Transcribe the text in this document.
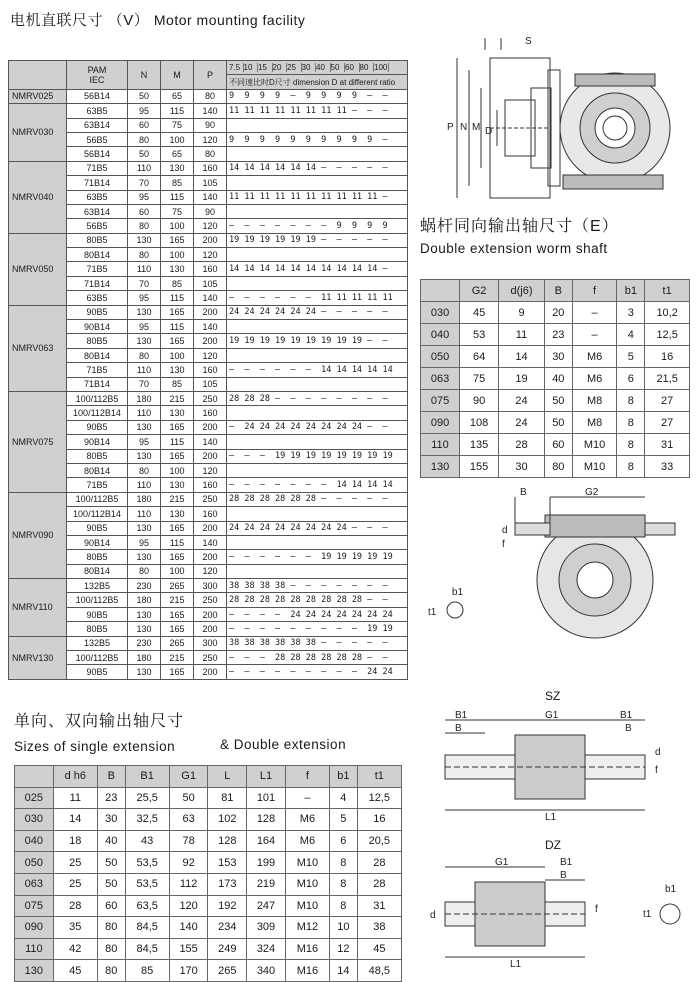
电机直联尺寸 （V） Motor mounting facility
	PAM
IEC	N	M	P	7.5 10 15 20 25 30 40 50 60 80 100
					不同速比时D尺寸 dimension D at different ratio
NMRV025	56B14	50	65	80	9  9  9  9  –  9  9  9  9  –  –
NMRV030	63B5	95	115	140	11 11 11 11 11 11 11 11 –  –  –
	63B14	60	75	90	
	56B5	80	100	120	9  9  9  9  9  9  9  9  9  9  –
	56B14	50	65	80	
NMRV040	71B5	110	130	160	14 14 14 14 14 14 –  –  –  –  –
	71B14	70	85	105	
	63B5	95	115	140	11 11 11 11 11 11 11 11 11 11 –
	63B14	60	75	90	
	56B5	80	100	120	–  –  –  –  –  –  –  9  9  9  9
NMRV050	80B5	130	165	200	19 19 19 19 19 19 –  –  –  –  –
	80B14	80	100	120	
	71B5	110	130	160	14 14 14 14 14 14 14 14 14 14 –
	71B14	70	85	105	
	63B5	95	115	140	–  –  –  –  –  –  11 11 11 11 11
NMRV063	90B5	130	165	200	24 24 24 24 24 24 –  –  –  –  –
	90B14	95	115	140	
	80B5	130	165	200	19 19 19 19 19 19 19 19 19 –  –
	80B14	80	100	120	
	71B5	110	130	160	–  –  –  –  –  –  14 14 14 14 14
	71B14	70	85	105	
NMRV075	100/112B5	180	215	250	28 28 28 –  –  –  –  –  –  –  –
	100/112B14	110	130	160	
	90B5	130	165	200	–  24 24 24 24 24 24 24 24 –  –
	90B14	95	115	140	
	80B5	130	165	200	–  –  –  19 19 19 19 19 19 19 19
	80B14	80	100	120	
	71B5	110	130	160	–  –  –  –  –  –  –  14 14 14 14
NMRV090	100/112B5	180	215	250	28 28 28 28 28 28 –  –  –  –  –
	100/112B14	110	130	160	
	90B5	130	165	200	24 24 24 24 24 24 24 24 –  –  –
	90B14	95	115	140	
	80B5	130	165	200	–  –  –  –  –  –  19 19 19 19 19
	80B14	80	100	120	
NMRV110	132B5	230	265	300	38 38 38 38 –  –  –  –  –  –  –
	100/112B5	180	215	250	28 28 28 28 28 28 28 28 28 –  –
	90B5	130	165	200	–  –  –  –  24 24 24 24 24 24 24
	80B5	130	165	200	–  –  –  –  –  –  –  –  –  19 19
NMRV130	132B5	230	265	300	38 38 38 38 38 38 –  –  –  –  –
	100/112B5	180	215	250	–  –  –  28 28 28 28 28 28 –  –
	90B5	130	165	200	–  –  –  –  –  –  –  –  –  24 24
P N M D
S
蜗杆同向输出轴尺寸（E）
Double extension worm shaft
	G2	d(j6)	B	f	b1	t1
030	45	9	20	–	3	10,2
040	53	11	23	–	4	12,5
050	64	14	30	M6	5	16
063	75	19	40	M6	6	21,5
075	90	24	50	M8	8	27
090	108	24	50	M8	8	27
110	135	28	60	M10	8	31
130	155	30	80	M10	8	33
B	G2
d
f
b1
t1
单向、双向输出轴尺寸
Sizes of single extension	& Double extension
	d h6	B	B1	G1	L	L1	f	b1	t1
025	11	23	25,5	50	81	101	–	4	12,5
030	14	30	32,5	63	102	128	M6	5	16
040	18	40	43	78	128	164	M6	6	20,5
050	25	50	53,5	92	153	199	M10	8	28
063	25	50	53,5	112	173	219	M10	8	28
075	28	60	63,5	120	192	247	M10	8	31
090	35	80	84,5	140	234	309	M12	10	38
110	42	80	84,5	155	249	324	M16	12	45
130	45	80	85	170	265	340	M16	14	48,5
SZ
B1	G1	B1
B	B
d
f
L1
DZ
G1	B1
B
f
b1
t1
d
L1
